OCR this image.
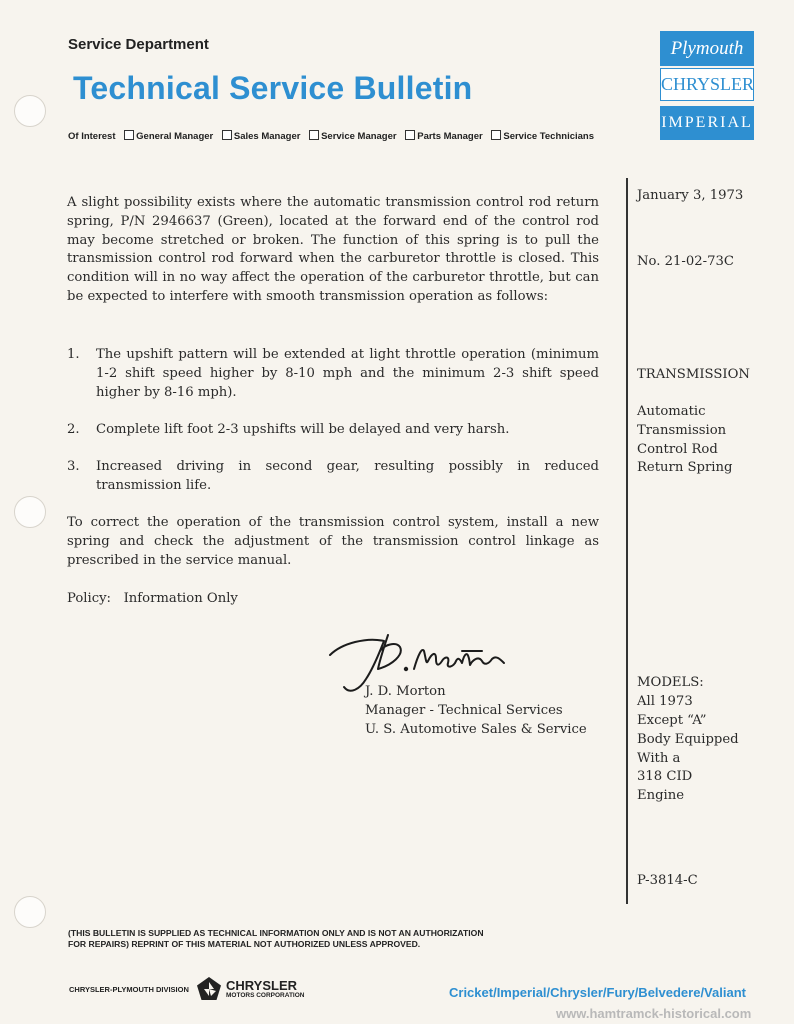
Service Department
Technical Service Bulletin
Of Interest General Manager Sales Manager Service Manager Parts Manager Service Technicians
Plymouth
CHRYSLER
IMPERIAL
A slight possibility exists where the automatic transmission control rod return spring, P/N 2946637 (Green), located at the forward end of the control rod may become stretched or broken. The function of this spring is to pull the transmission control rod forward when the carburetor throttle is closed. This condition will in no way affect the operation of the carburetor throttle, but can be expected to interfere with smooth transmission operation as follows:
1. The upshift pattern will be extended at light throttle operation (minimum 1-2 shift speed higher by 8-10 mph and the minimum 2-3 shift speed higher by 8-16 mph).
2. Complete lift foot 2-3 upshifts will be delayed and very harsh.
3. Increased driving in second gear, resulting possibly in reduced transmission life.
To correct the operation of the transmission control system, install a new spring and check the adjustment of the transmission control linkage as prescribed in the service manual.
Policy:   Information Only
J. D. Morton
Manager - Technical Services
U. S. Automotive Sales & Service
January 3, 1973
No. 21-02-73C
TRANSMISSION
Automatic
Transmission
Control Rod
Return Spring
MODELS:
All 1973
Except “A”
Body Equipped
With a
318 CID
Engine
P-3814-C
(THIS BULLETIN IS SUPPLIED AS TECHNICAL INFORMATION ONLY AND IS NOT AN AUTHORIZATION
FOR REPAIRS) REPRINT OF THIS MATERIAL NOT AUTHORIZED UNLESS APPROVED.
CHRYSLER-PLYMOUTH DIVISION	CHRYSLER
MOTORS CORPORATION	Cricket/Imperial/Chrysler/Fury/Belvedere/Valiant
www.hamtramck-historical.com
